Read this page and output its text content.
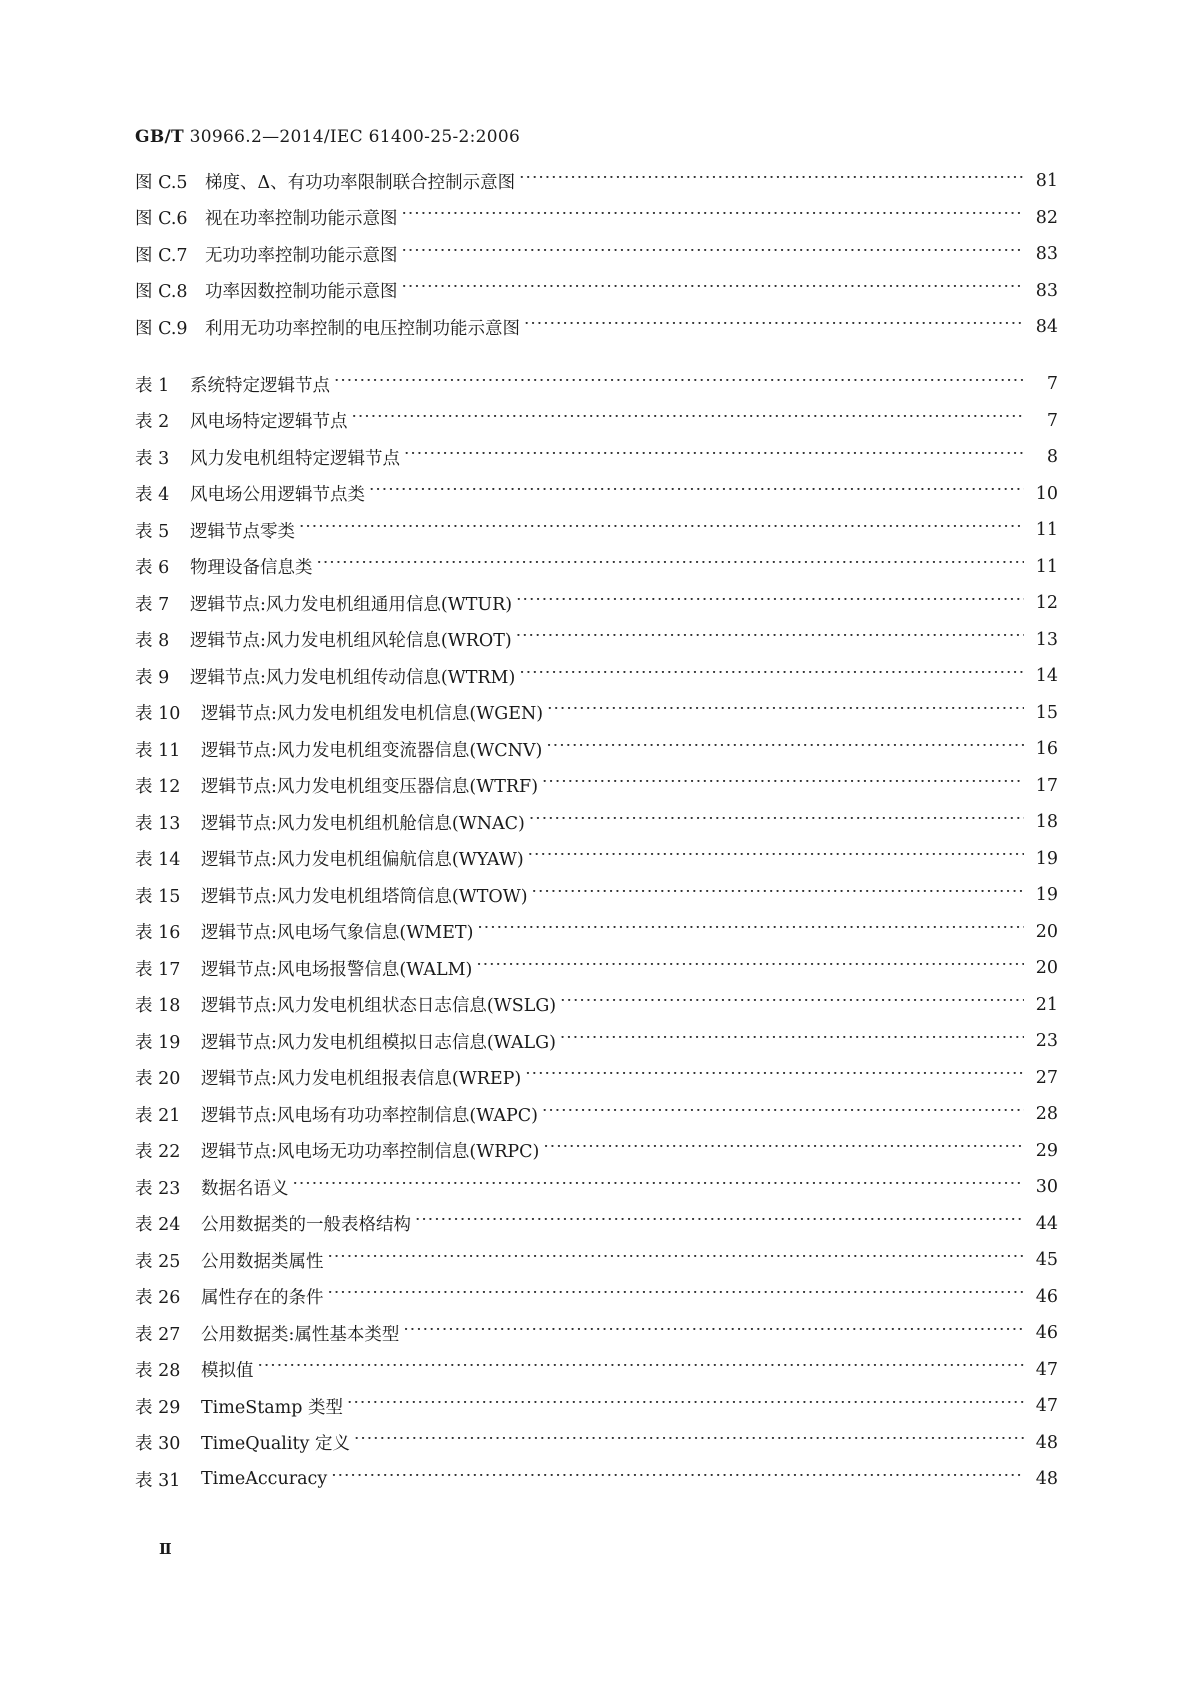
GB/T 30966.2—2014/IEC 61400-25-2:2006
图 C.5 梯度、Δ、有功功率限制联合控制示意图 ·····	81
图 C.6 视在功率控制功能示意图 ·····	82
图 C.7 无功功率控制功能示意图 ·····	83
图 C.8 功率因数控制功能示意图 ·····	83
图 C.9 利用无功功率控制的电压控制功能示意图 ·····	84
表 1	系统特定逻辑节点 ·····	7
表 2	风电场特定逻辑节点 ·····	7
表 3	风力发电机组特定逻辑节点 ·····	8
表 4	风电场公用逻辑节点类 ·····	10
表 5	逻辑节点零类 ·····	11
表 6	物理设备信息类 ·····	11
表 7	逻辑节点:风力发电机组通用信息(WTUR) ·····	12
表 8	逻辑节点:风力发电机组风轮信息(WROT) ·····	13
表 9	逻辑节点:风力发电机组传动信息(WTRM) ·····	14
表 10	逻辑节点:风力发电机组发电机信息(WGEN) ·····	15
表 11	逻辑节点:风力发电机组变流器信息(WCNV) ·····	16
表 12	逻辑节点:风力发电机组变压器信息(WTRF) ·····	17
表 13	逻辑节点:风力发电机组机舱信息(WNAC) ·····	18
表 14	逻辑节点:风力发电机组偏航信息(WYAW) ·····	19
表 15	逻辑节点:风力发电机组塔筒信息(WTOW) ·····	19
表 16	逻辑节点:风电场气象信息(WMET) ·····	20
表 17	逻辑节点:风电场报警信息(WALM) ·····	20
表 18	逻辑节点:风力发电机组状态日志信息(WSLG) ·····	21
表 19	逻辑节点:风力发电机组模拟日志信息(WALG) ·····	23
表 20	逻辑节点:风力发电机组报表信息(WREP) ·····	27
表 21	逻辑节点:风电场有功功率控制信息(WAPC) ·····	28
表 22	逻辑节点:风电场无功功率控制信息(WRPC) ·····	29
表 23	数据名语义 ·····	30
表 24	公用数据类的一般表格结构 ·····	44
表 25	公用数据类属性 ·····	45
表 26	属性存在的条件 ·····	46
表 27	公用数据类:属性基本类型 ·····	46
表 28	模拟值 ·····	47
表 29	TimeStamp 类型 ·····	47
表 30	TimeQuality 定义 ·····	48
表 31	TimeAccuracy ·····	48
Ⅱ
